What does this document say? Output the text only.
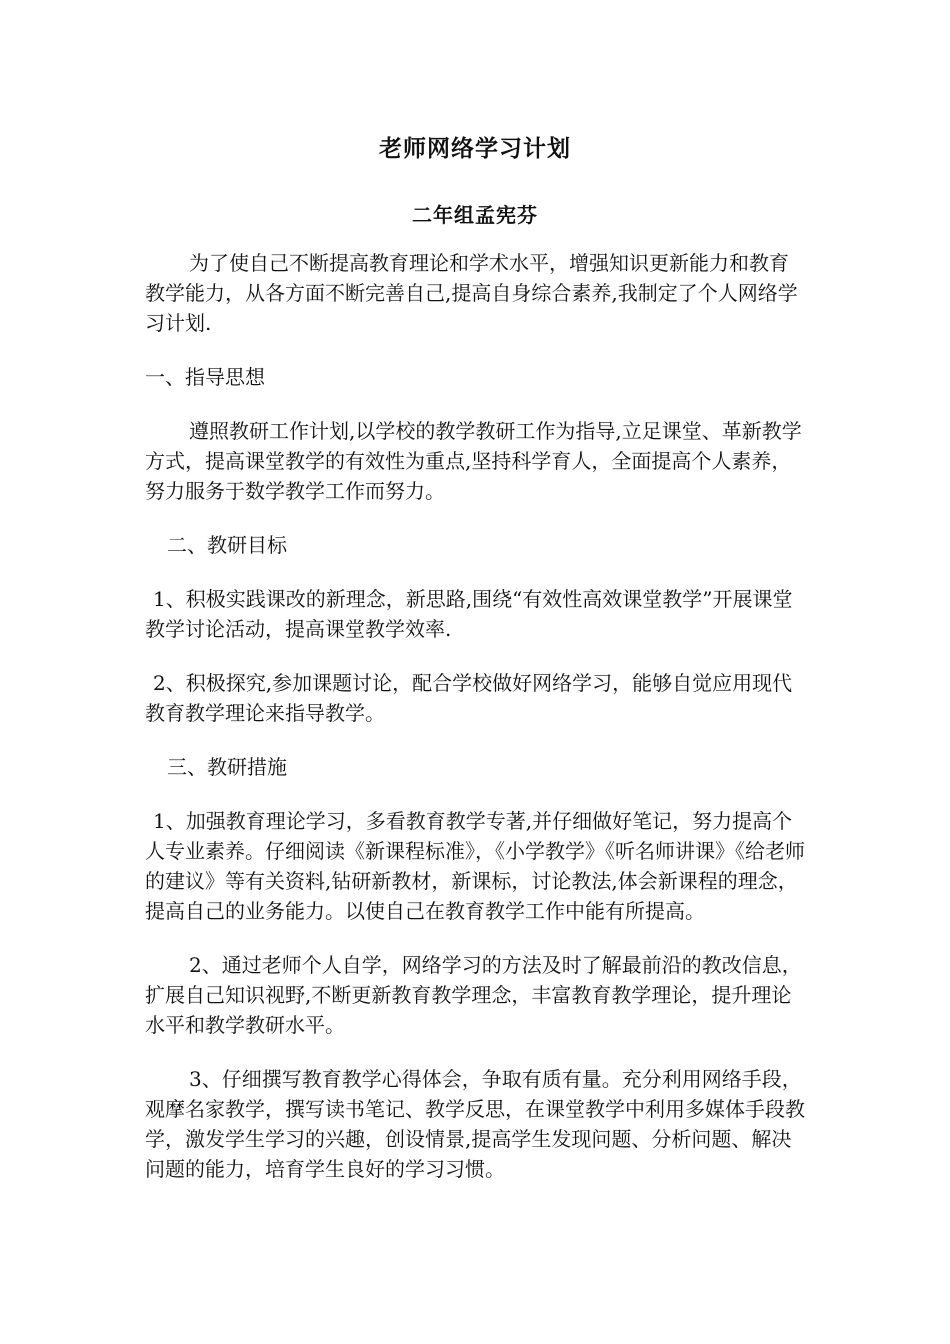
老师网络学习计划
二年组孟宪芬

为了使自己不断提高教育理论和学术水平，增强知识更新能力和教育教学能力，从各方面不断完善自己,提高自身综合素养,我制定了个人网络学习计划.

一、指导思想

遵照教研工作计划,以学校的教学教研工作为指导,立足课堂、革新教学方式，提高课堂教学的有效性为重点,坚持科学育人，全面提高个人素养，努力服务于数学教学工作而努力。

二、教研目标

1、积极实践课改的新理念，新思路,围绕“有效性高效课堂教学”开展课堂教学讨论活动，提高课堂教学效率.

2、积极探究,参加课题讨论，配合学校做好网络学习，能够自觉应用现代教育教学理论来指导教学。

三、教研措施

1、加强教育理论学习，多看教育教学专著,并仔细做好笔记，努力提高个人专业素养。仔细阅读《新课程标准》，《小学教学》《听名师讲课》《给老师的建议》等有关资料,钻研新教材，新课标，讨论教法,体会新课程的理念，提高自己的业务能力。以使自己在教育教学工作中能有所提高。

2、通过老师个人自学，网络学习的方法及时了解最前沿的教改信息，扩展自己知识视野,不断更新教育教学理念，丰富教育教学理论，提升理论水平和教学教研水平。

3、仔细撰写教育教学心得体会，争取有质有量。充分利用网络手段，观摩名家教学，撰写读书笔记、教学反思，在课堂教学中利用多媒体手段教学，激发学生学习的兴趣，创设情景,提高学生发现问题、分析问题、解决问题的能力，培育学生良好的学习习惯。
